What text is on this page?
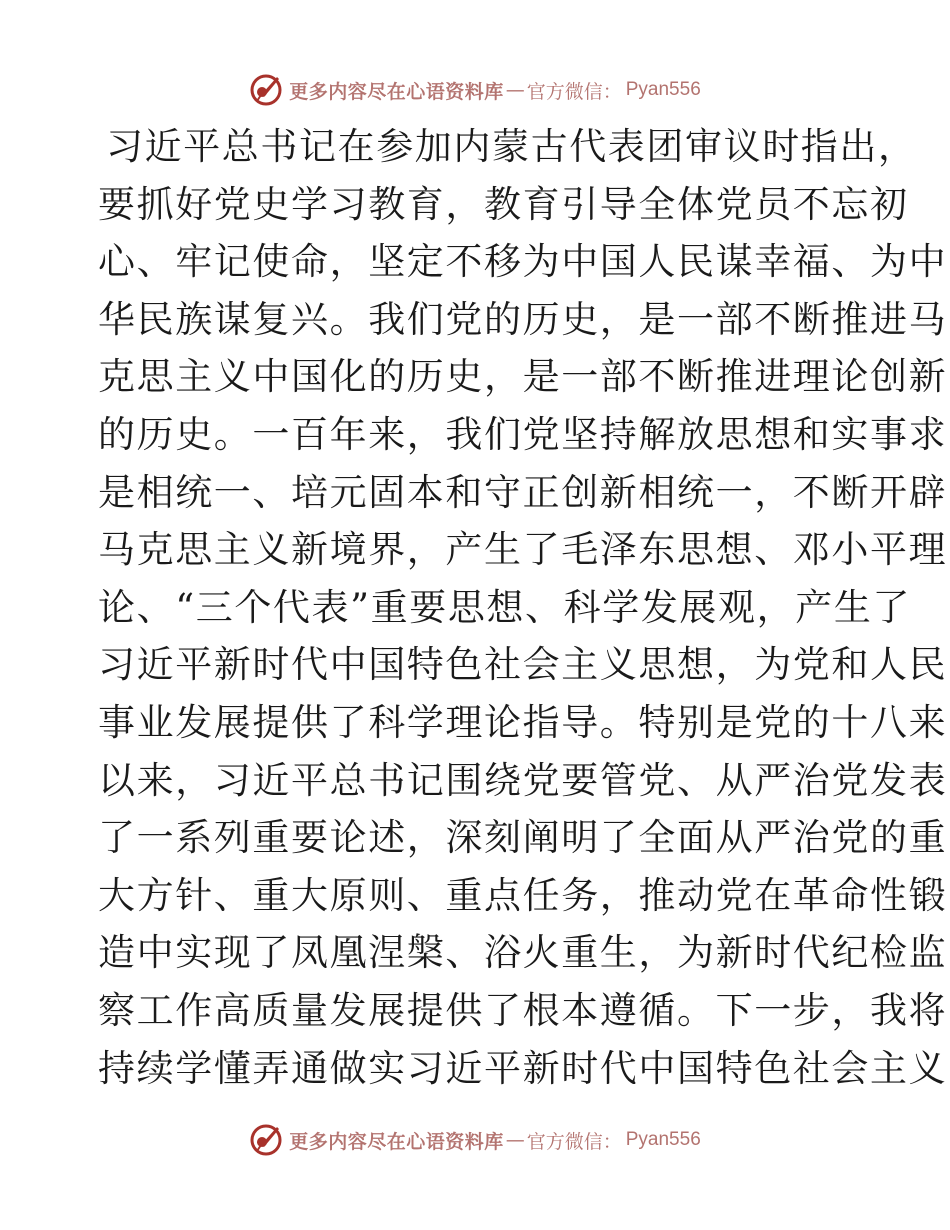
更多内容尽在心语资料库 — 官方微信： Pyan556
习近平总书记在参加内蒙古代表团审议时指出，
要抓好党史学习教育，教育引导全体党员不忘初
心、牢记使命，坚定不移为中国人民谋幸福、为中
华民族谋复兴。我们党的历史，是一部不断推进马
克思主义中国化的历史，是一部不断推进理论创新
的历史。一百年来，我们党坚持解放思想和实事求
是相统一、培元固本和守正创新相统一，不断开辟
马克思主义新境界，产生了毛泽东思想、邓小平理
论、“三个代表”重要思想、科学发展观，产生了
习近平新时代中国特色社会主义思想，为党和人民
事业发展提供了科学理论指导。特别是党的十八来
以来，习近平总书记围绕党要管党、从严治党发表
了一系列重要论述，深刻阐明了全面从严治党的重
大方针、重大原则、重点任务，推动党在革命性锻
造中实现了凤凰涅槃、浴火重生，为新时代纪检监
察工作高质量发展提供了根本遵循。下一步，我将
持续学懂弄通做实习近平新时代中国特色社会主义
更多内容尽在心语资料库 — 官方微信： Pyan556
